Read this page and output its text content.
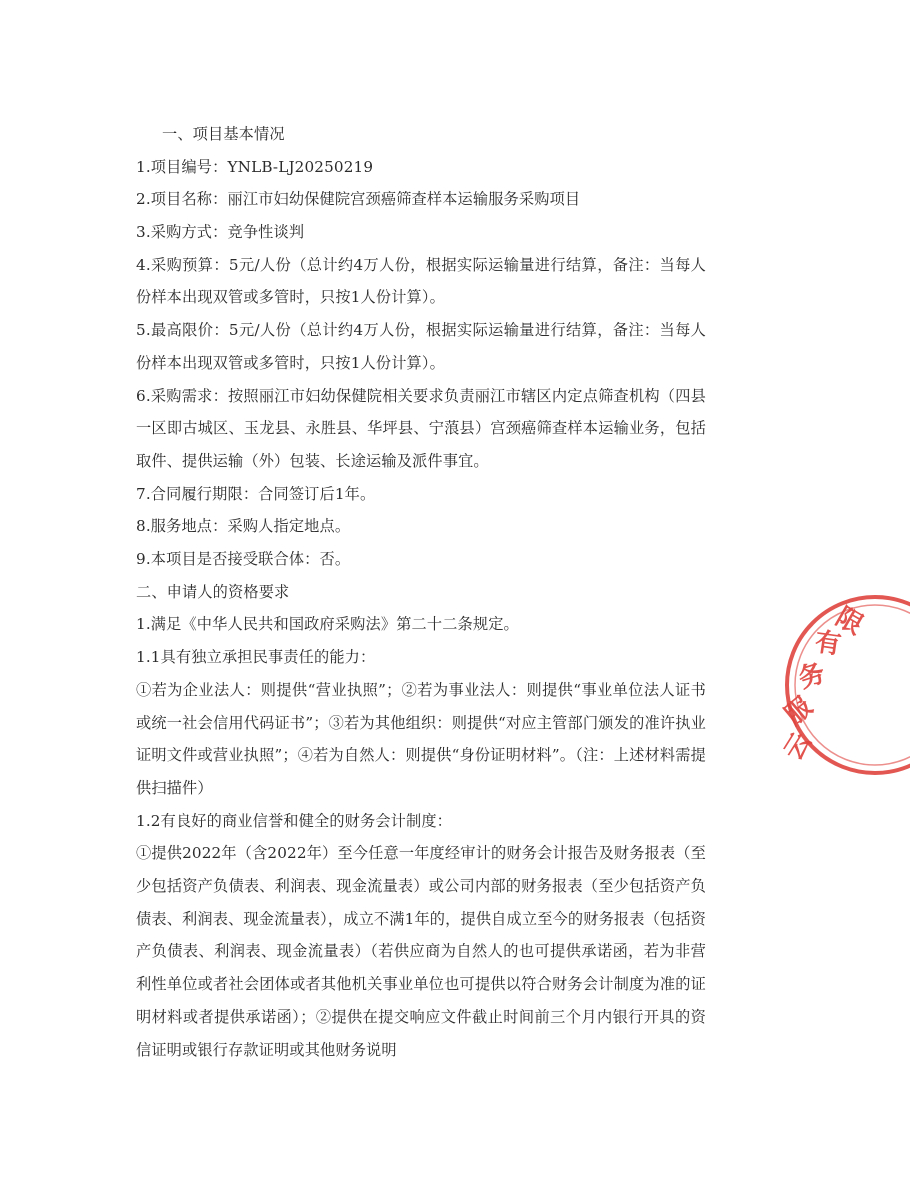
一、项目基本情况
1.项目编号：YNLB-LJ20250219
2.项目名称：丽江市妇幼保健院宫颈癌筛查样本运输服务采购项目
3.采购方式：竞争性谈判
4.采购预算：5元/人份（总计约4万人份，根据实际运输量进行结算，备注：当每人份样本出现双管或多管时，只按1人份计算）。
5.最高限价：5元/人份（总计约4万人份，根据实际运输量进行结算，备注：当每人份样本出现双管或多管时，只按1人份计算）。
6.采购需求：按照丽江市妇幼保健院相关要求负责丽江市辖区内定点筛查机构（四县一区即古城区、玉龙县、永胜县、华坪县、宁蒗县）宫颈癌筛查样本运输业务，包括取件、提供运输（外）包装、长途运输及派件事宜。
7.合同履行期限：合同签订后1年。
8.服务地点：采购人指定地点。
9.本项目是否接受联合体：否。
二、申请人的资格要求
1.满足《中华人民共和国政府采购法》第二十二条规定。
1.1具有独立承担民事责任的能力：
①若为企业法人：则提供“营业执照”；②若为事业法人：则提供“事业单位法人证书或统一社会信用代码证书”；③若为其他组织：则提供“对应主管部门颁发的准许执业证明文件或营业执照”；④若为自然人：则提供“身份证明材料”。（注：上述材料需提供扫描件）
1.2有良好的商业信誉和健全的财务会计制度：
①提供2022年（含2022年）至今任意一年度经审计的财务会计报告及财务报表（至少包括资产负债表、利润表、现金流量表）或公司内部的财务报表（至少包括资产负债表、利润表、现金流量表），成立不满1年的，提供自成立至今的财务报表（包括资产负债表、利润表、现金流量表）（若供应商为自然人的也可提供承诺函，若为非营利性单位或者社会团体或者其他机关事业单位也可提供以符合财务会计制度为准的证明材料或者提供承诺函）；②提供在提交响应文件截止时间前三个月内银行开具的资信证明或银行存款证明或其他财务说明
云
服
务
有
限
